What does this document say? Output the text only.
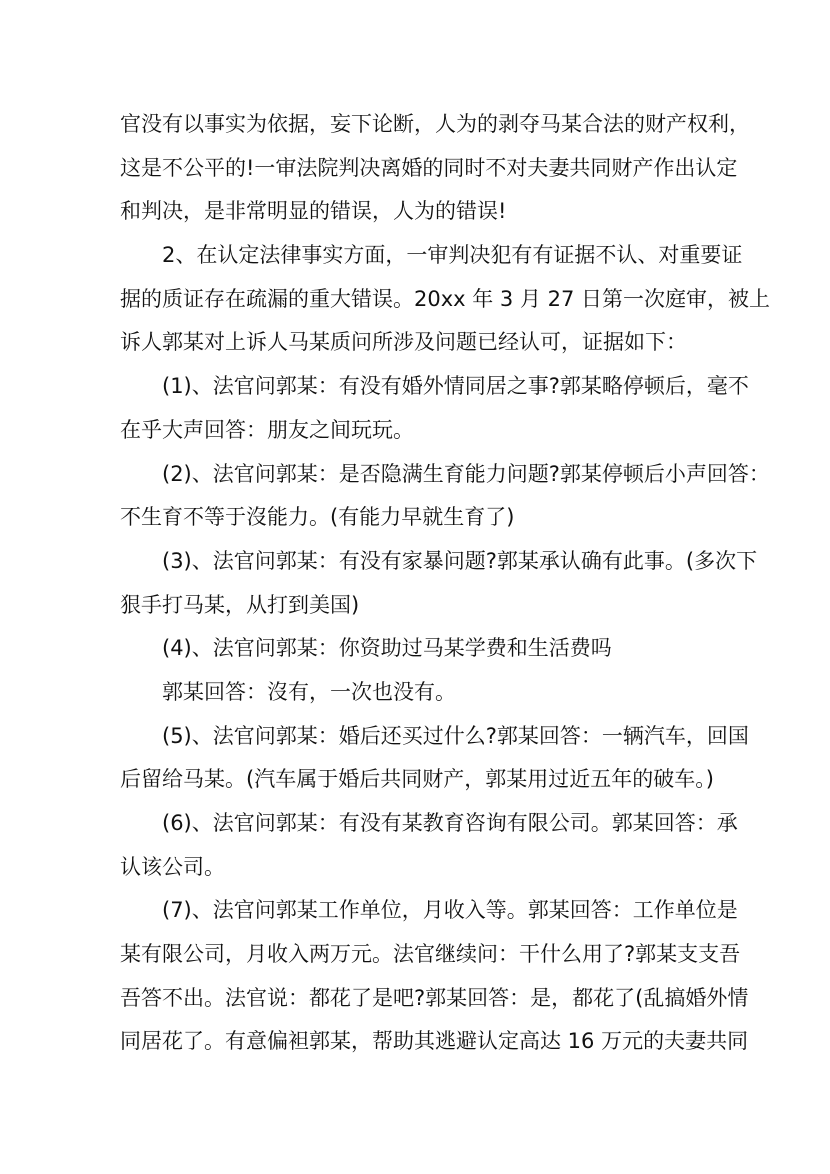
官没有以事实为依据，妄下论断，人为的剥夺马某合法的财产权利，
这是不公平的!一审法院判决离婚的同时不对夫妻共同财产作出认定
和判决，是非常明显的错误，人为的错误!
2、在认定法律事实方面，一审判决犯有有证据不认、对重要证
据的质证存在疏漏的重大错误。20xx 年 3 月 27 日第一次庭审，被上
诉人郭某对上诉人马某质问所涉及问题已经认可，证据如下：
(1)、法官问郭某：有没有婚外情同居之事?郭某略停顿后，毫不
在乎大声回答：朋友之间玩玩。
(2)、法官问郭某：是否隐满生育能力问题?郭某停顿后小声回答：
不生育不等于沒能力。(有能力早就生育了)
(3)、法官问郭某：有没有家暴问题?郭某承认确有此事。(多次下
狠手打马某，从打到美国)
(4)、法官问郭某：你资助过马某学费和生活费吗
郭某回答：沒有，一次也没有。
(5)、法官问郭某：婚后还买过什么?郭某回答：一辆汽车，回国
后留给马某。(汽车属于婚后共同财产，郭某用过近五年的破车。)
(6)、法官问郭某：有没有某教育咨询有限公司。郭某回答：承
认该公司。
(7)、法官问郭某工作单位，月收入等。郭某回答：工作单位是
某有限公司，月收入两万元。法官继续问：干什么用了?郭某支支吾
吾答不出。法官说：都花了是吧?郭某回答：是，都花了(乱搞婚外情
同居花了。有意偏袒郭某，帮助其逃避认定高达 16 万元的夫妻共同
